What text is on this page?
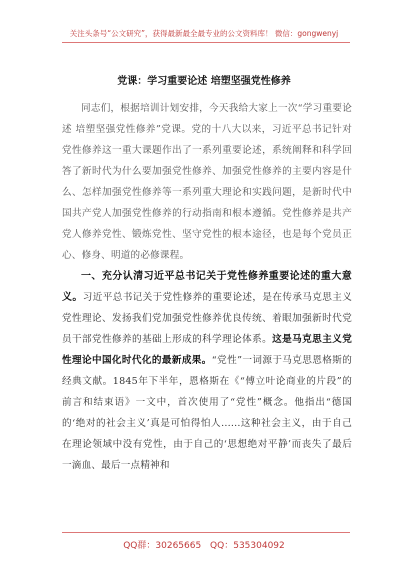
关注头条号“公文研究”，获得最新最全最专业的公文资料库！ 微信：gongwenyj
党课：学习重要论述 培塑坚强党性修养

同志们，根据培训计划安排，今天我给大家上一次“学习重要论述 培塑坚强党性修养”党课。党的十八大以来，习近平总书记针对党性修养这一重大课题作出了一系列重要论述，系统阐释和科学回答了新时代为什么要加强党性修养、加强党性修养的主要内容是什么、怎样加强党性修养等一系列重大理论和实践问题，是新时代中国共产党人加强党性修养的行动指南和根本遵循。党性修养是共产党人修养党性、锻炼党性、坚守党性的根本途径，也是每个党员正心、修身、明道的必修课程。

一、充分认清习近平总书记关于党性修养重要论述的重大意义。习近平总书记关于党性修养的重要论述，是在传承马克思主义党性理论、发扬我们党加强党性修养优良传统、着眼加强新时代党员干部党性修养的基础上形成的科学理论体系。这是马克思主义党性理论中国化时代化的最新成果。“党性”一词源于马克思恩格斯的经典文献。1845年下半年，恩格斯在《“傅立叶论商业的片段”的前言和结束语》一文中，首次使用了“党性”概念。他指出“德国的‘绝对的社会主义’真是可怕得怕人......这种社会主义，由于自己在理论领域中没有党性，由于自己的‘思想绝对平静’而丧失了最后一滴血、最后一点精神和

QQ群：30265665 QQ：535304092
